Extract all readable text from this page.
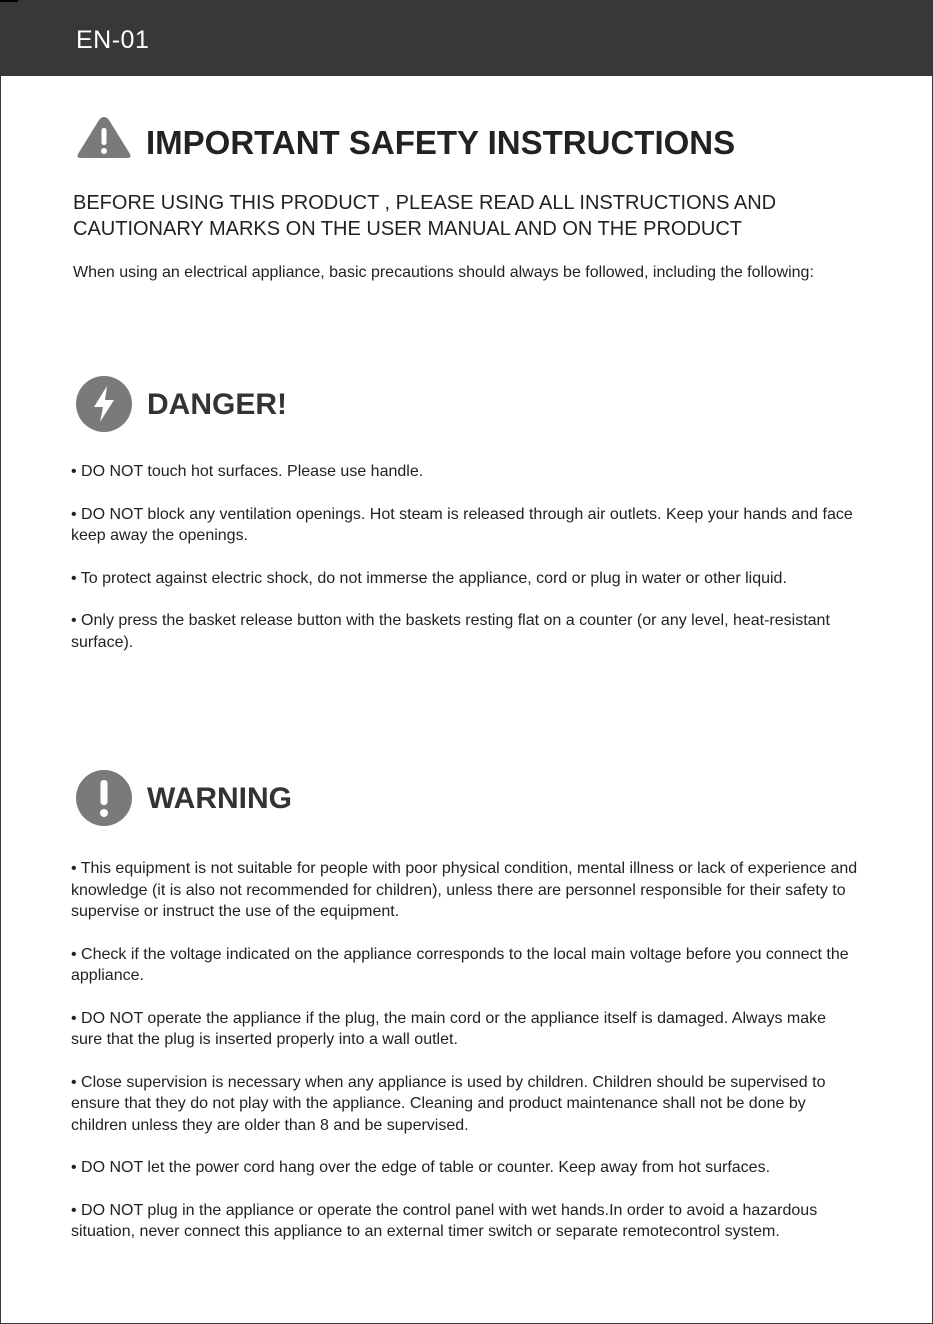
EN-01
IMPORTANT SAFETY INSTRUCTIONS
BEFORE USING THIS PRODUCT , PLEASE READ ALL INSTRUCTIONS AND CAUTIONARY MARKS ON THE USER MANUAL AND ON THE PRODUCT
When using an electrical appliance, basic precautions should always be followed, including the following:
DANGER!
• DO NOT touch hot surfaces. Please use handle.
• DO NOT block any ventilation openings. Hot steam is released through air outlets. Keep your hands and face keep away the openings.
• To protect against electric shock, do not immerse the appliance, cord or plug in water or other liquid.
• Only press the basket release button with the baskets resting flat on a counter (or any level, heat-resistant surface).
WARNING
• This equipment is not suitable for people with poor physical condition, mental illness or lack of experience and knowledge (it is also not recommended for children), unless there are personnel responsible for their safety to supervise or instruct the use of the equipment.
• Check if the voltage indicated on the appliance corresponds to the local main voltage before you connect the appliance.
• DO NOT operate the appliance if the plug, the main cord or the appliance itself is damaged. Always make sure that the plug is inserted properly into a wall outlet.
• Close supervision is necessary when any appliance is used by children. Children should be supervised to ensure that they do not play with the appliance. Cleaning and product maintenance shall not be done by children unless they are older than 8 and be supervised.
• DO NOT let the power cord hang over the edge of table or counter. Keep away from hot surfaces.
• DO NOT plug in the appliance or operate the control panel with wet hands.In order to avoid a hazardous situation, never connect this appliance to an external timer switch or separate remotecontrol system.
